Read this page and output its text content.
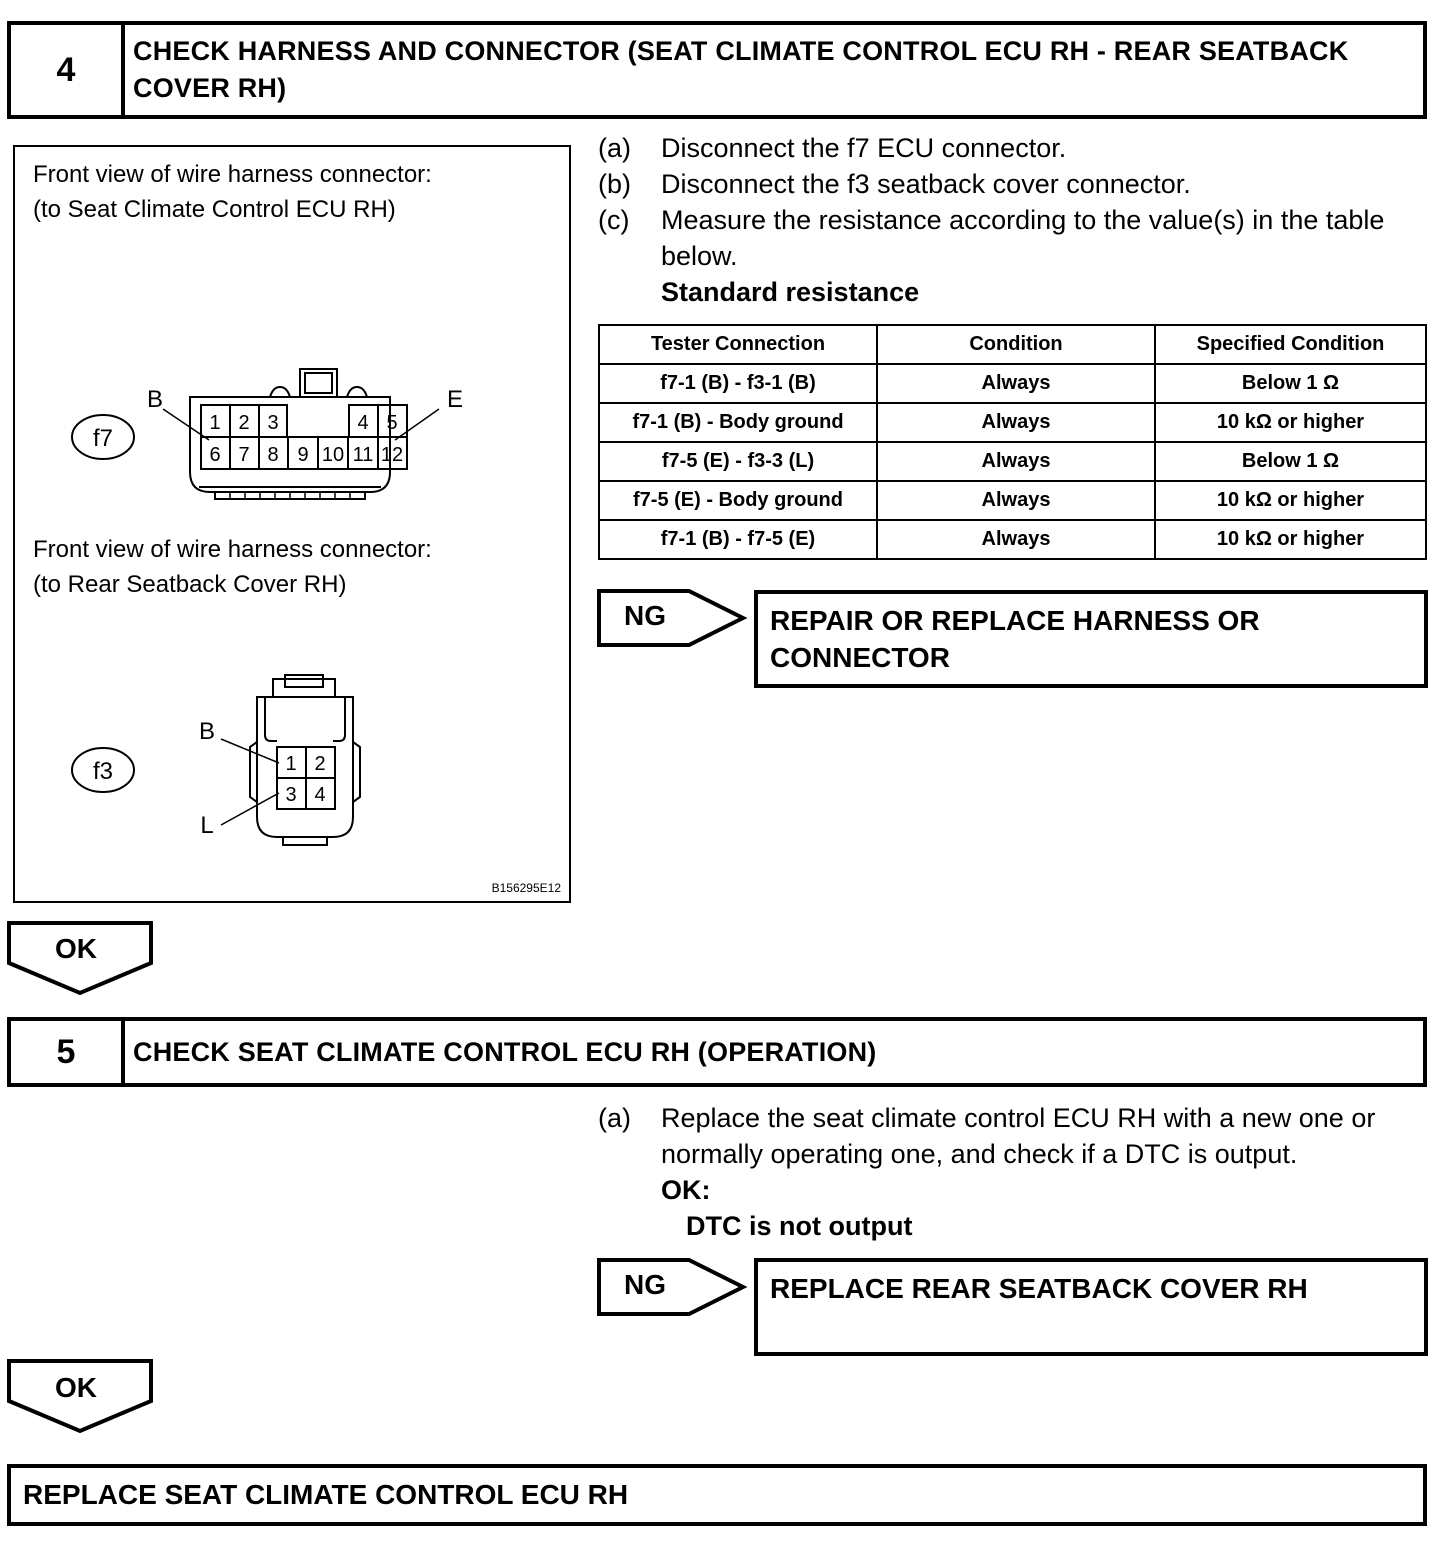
4	CHECK HARNESS AND CONNECTOR (SEAT CLIMATE CONTROL ECU RH - REAR SEATBACK COVER RH)
Front view of wire harness connector:
(to Seat Climate Control ECU RH)
1 2 3	4 5
6 7 8 9 10 11 12
B	E
f7
Front view of wire harness connector:
(to Rear Seatback Cover RH)
1 2
3 4
B
L
f3
B156295E12
(a)	Disconnect the f7 ECU connector.
(b)	Disconnect the f3 seatback cover connector.
(c)	Measure the resistance according to the value(s) in the table below.
Standard resistance
Tester Connection	Condition	Specified Condition
f7-1 (B) - f3-1 (B)	Always	Below 1 Ω
f7-1 (B) - Body ground	Always	10 kΩ or higher
f7-5 (E) - f3-3 (L)	Always	Below 1 Ω
f7-5 (E) - Body ground	Always	10 kΩ or higher
f7-1 (B) - f7-5 (E)	Always	10 kΩ or higher
NG	REPAIR OR REPLACE HARNESS OR CONNECTOR
OK
5	CHECK SEAT CLIMATE CONTROL ECU RH (OPERATION)
(a)	Replace the seat climate control ECU RH with a new one or normally operating one, and check if a DTC is output.
OK:
DTC is not output
NG	REPLACE REAR SEATBACK COVER RH
OK
REPLACE SEAT CLIMATE CONTROL ECU RH
